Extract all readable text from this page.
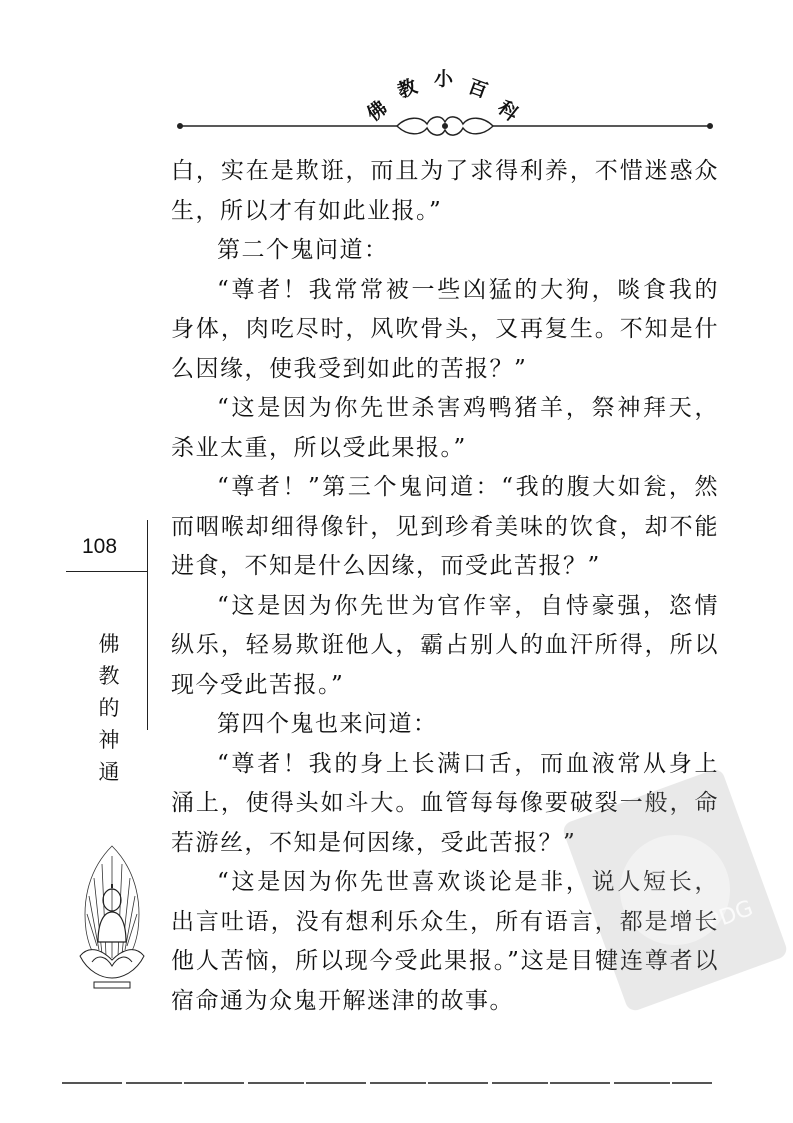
佛
教 小 百
科

白，实在是欺诳，而且为了求得利养，不惜迷惑众生，所以才有如此业报。”

第二个鬼问道：

“尊者！我常常被一些凶猛的大狗，啖食我的身体，肉吃尽时，风吹骨头，又再复生。不知是什么因缘，使我受到如此的苦报？”

“这是因为你先世杀害鸡鸭猪羊，祭神拜天，杀业太重，所以受此果报。”

“尊者！”第三个鬼问道：“我的腹大如瓮，然而咽喉却细得像针，见到珍肴美味的饮食，却不能进食，不知是什么因缘，而受此苦报？”

“这是因为你先世为官作宰，自恃豪强，恣情纵乐，轻易欺诳他人，霸占别人的血汗所得，所以现今受此苦报。”

第四个鬼也来问道：

“尊者！我的身上长满口舌，而血液常从身上涌上，使得头如斗大。血管每每像要破裂一般，命若游丝，不知是何因缘，受此苦报？”

“这是因为你先世喜欢谈论是非，说人短长，出言吐语，没有想利乐众生，所有语言，都是增长他人苦恼，所以现今受此果报。”这是目犍连尊者以宿命通为众鬼开解迷津的故事。

108
佛
教
的
神
通
PDG
